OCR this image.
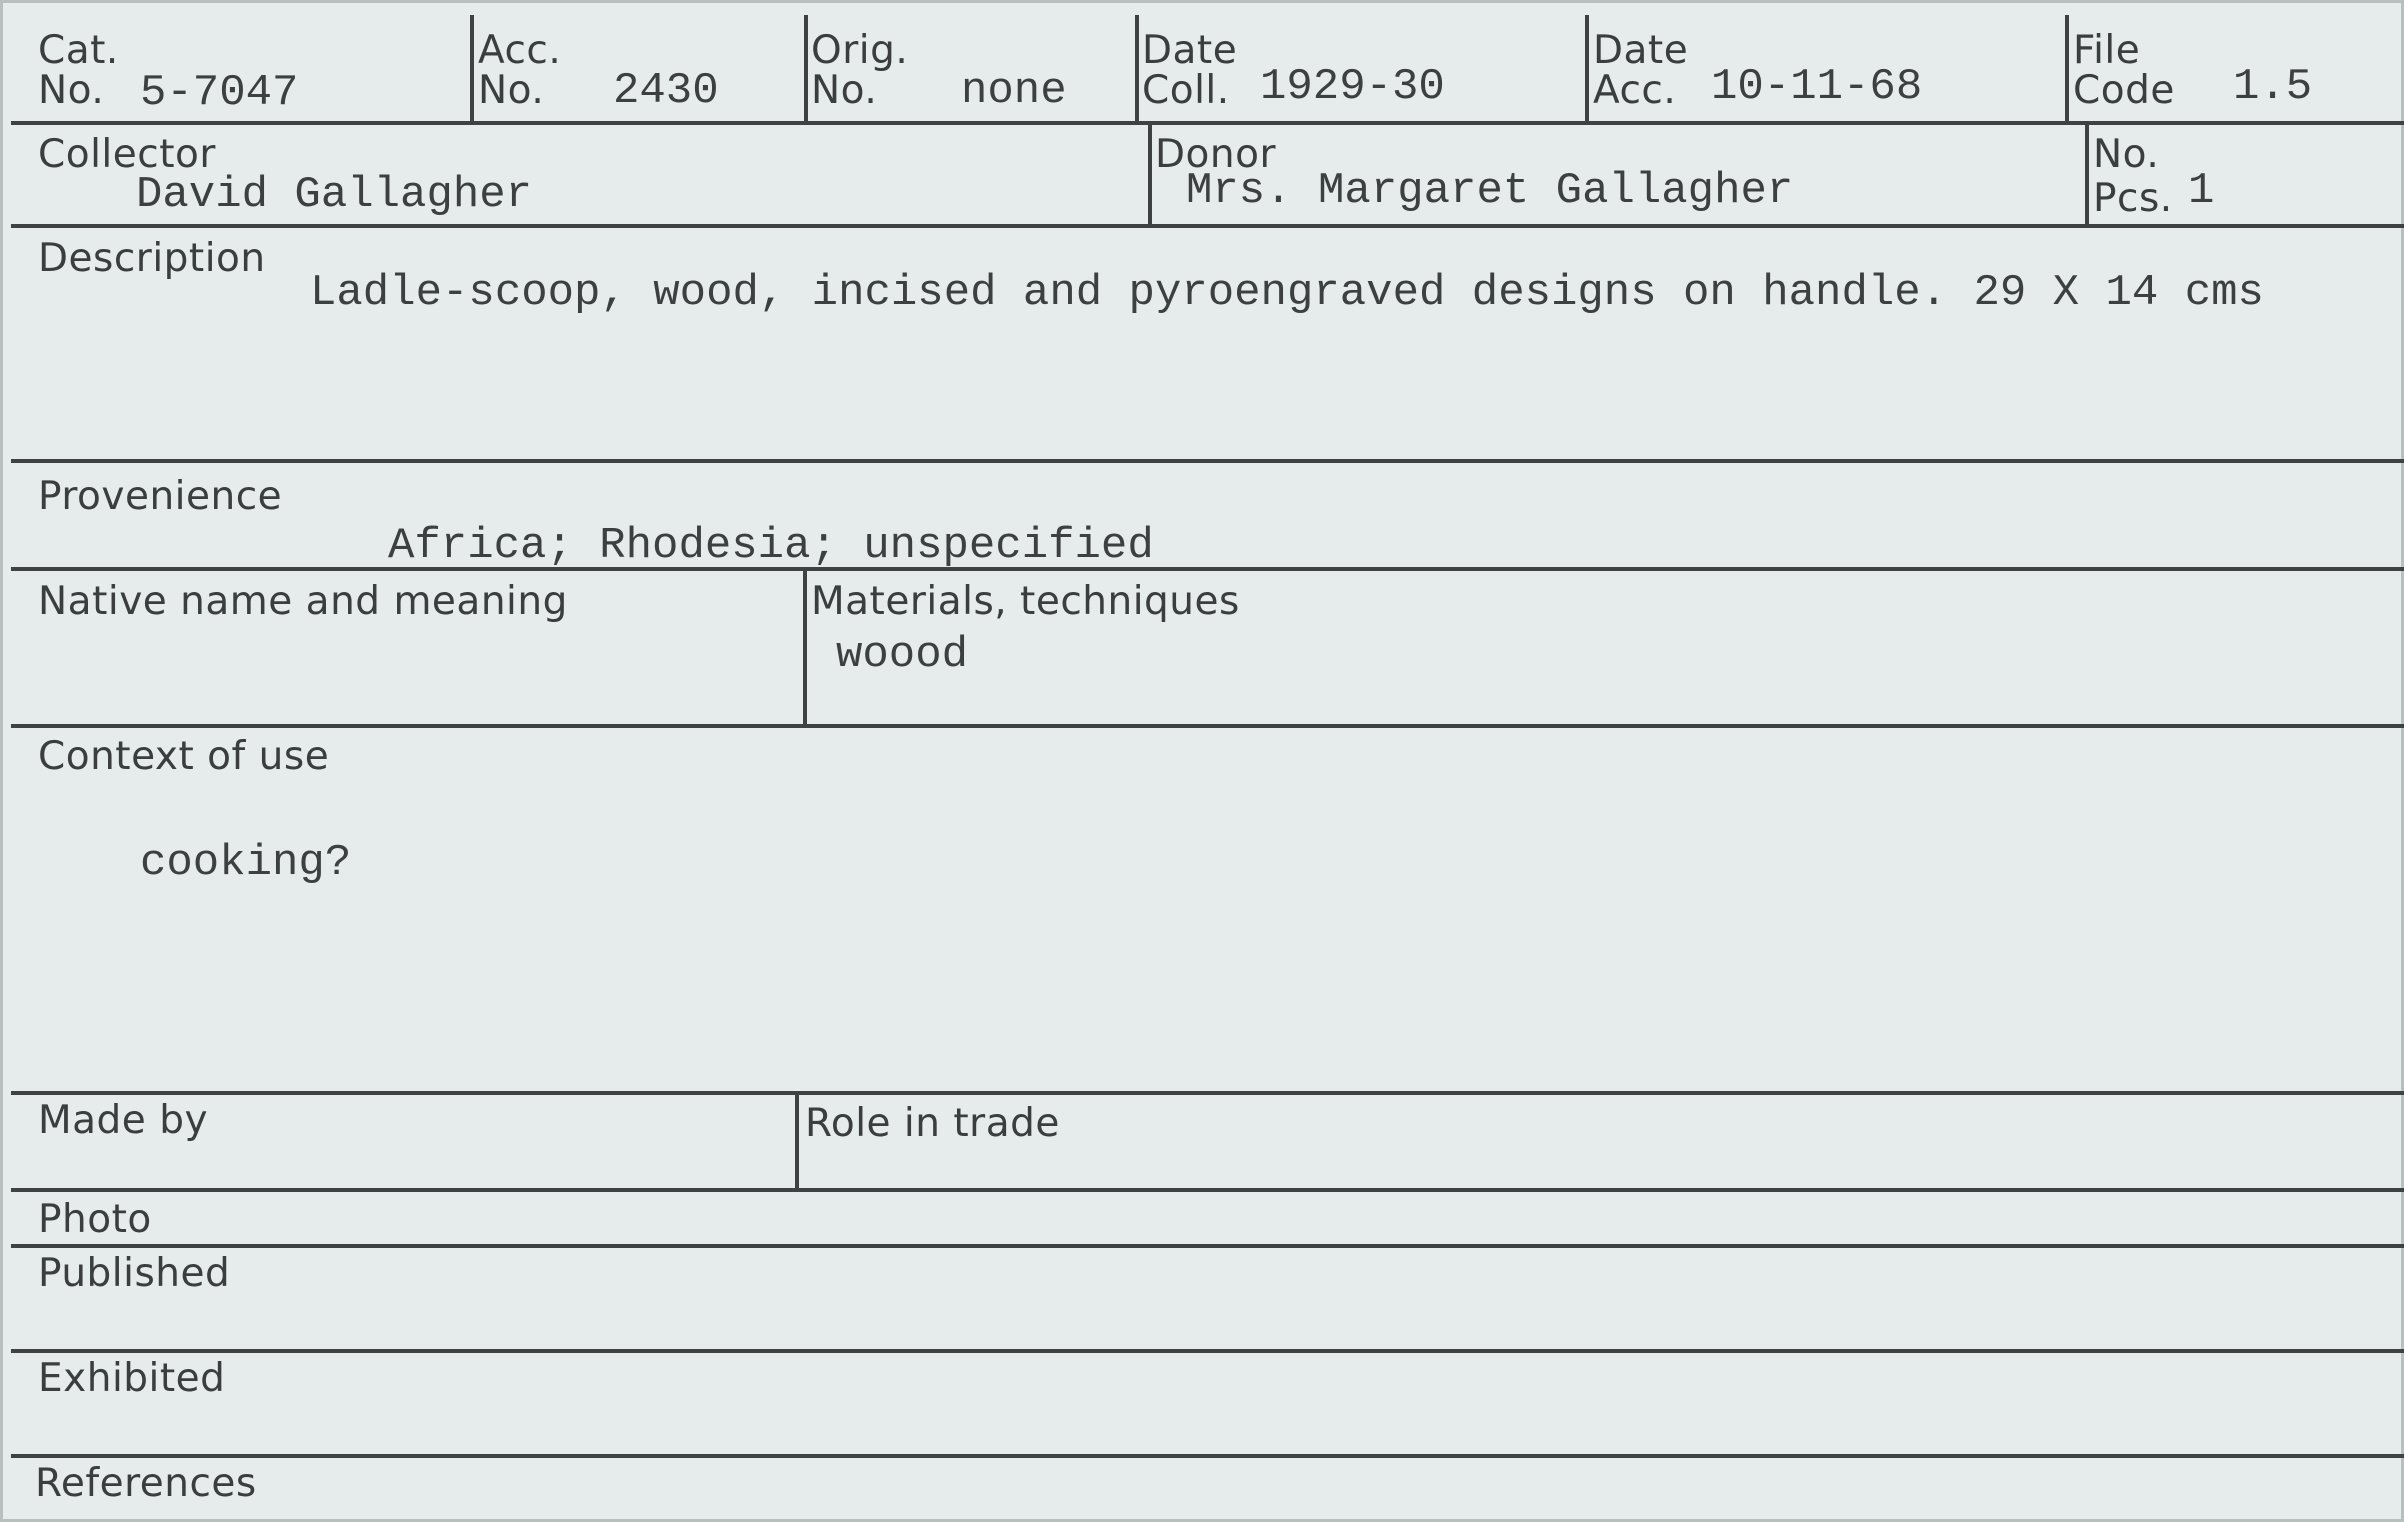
Cat.
No. 5-7047
Acc.
No. 2430
Orig.
No. none
Date
Coll. 1929-30
Date
Acc. 10-11-68
File
Code 1.5
Collector
David Gallagher
Donor
Mrs. Margaret Gallagher
No.
Pcs. 1
Description
Ladle-scoop, wood, incised and pyroengraved designs on handle. 29 X 14 cms
Provenience
Africa; Rhodesia; unspecified
Native name and meaning	Materials, techniques
woood
Context of use
cooking?
Made by	Role in trade
Photo
Published
Exhibited
References
